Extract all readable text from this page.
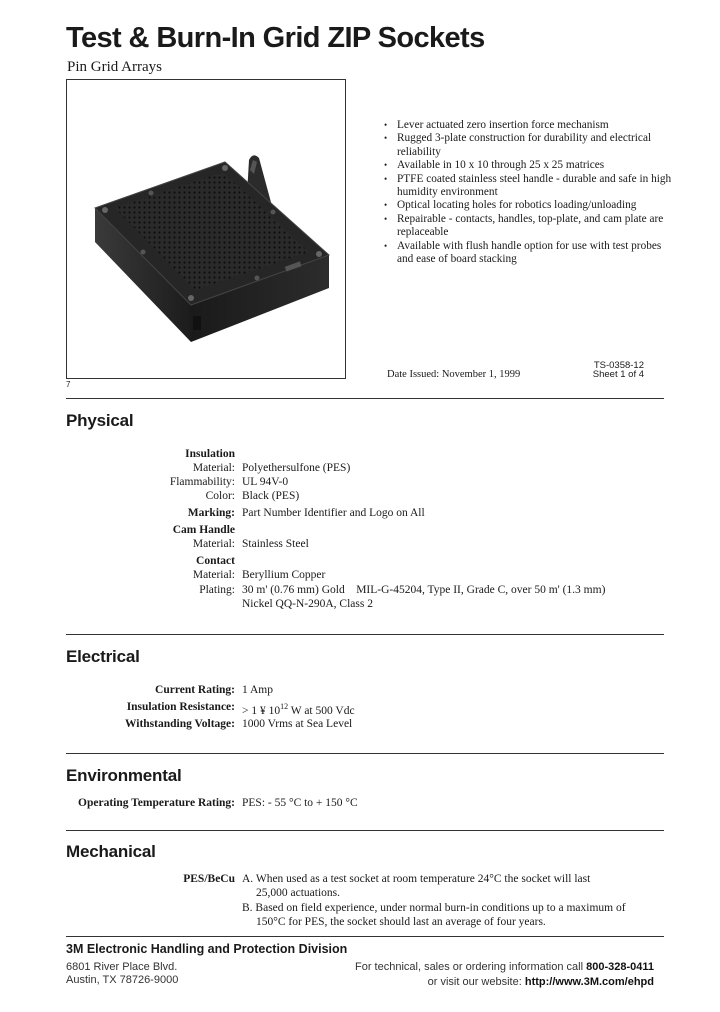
Test & Burn-In Grid ZIP Sockets
Pin Grid Arrays
• Lever actuated zero insertion force mechanism
• Rugged 3-plate construction for durability and electrical reliability
• Available in 10 x 10 through 25 x 25 matrices
• PTFE coated stainless steel handle - durable and safe in high humidity environment
• Optical locating holes for robotics loading/unloading
• Repairable - contacts, handles, top-plate, and cam plate are replaceable
• Available with flush handle option for use with test probes and ease of board stacking
TS-0358-12
Date Issued: November 1, 1999	Sheet 1 of 4
7
Physical
Insulation
Material: Polyethersulfone (PES)
Flammability: UL 94V-0
Color: Black (PES)
Marking: Part Number Identifier and Logo on All
Cam Handle
Material: Stainless Steel
Contact
Material: Beryllium Copper
Plating: 30 m' (0.76 mm) Gold    MIL-G-45204, Type II, Grade C, over 50 m' (1.3 mm)
Nickel QQ-N-290A, Class 2
Electrical
Current Rating: 1 Amp
Insulation Resistance: > 1 ¥ $10^{12}$ W at 500 Vdc
Withstanding Voltage: 1000 Vrms at Sea Level
Environmental
Operating Temperature Rating: PES: - 55 °C to + 150 °C
Mechanical
PES/BeCu A. When used as a test socket at room temperature 24°C the socket will last
25,000 actuations.
B. Based on field experience, under normal burn-in conditions up to a maximum of
150°C for PES, the socket should last an average of four years.
3M Electronic Handling and Protection Division
6801 River Place Blvd.
Austin, TX 78726-9000
For technical, sales or ordering information call 800-328-0411
or visit our website: http://www.3M.com/ehpd
